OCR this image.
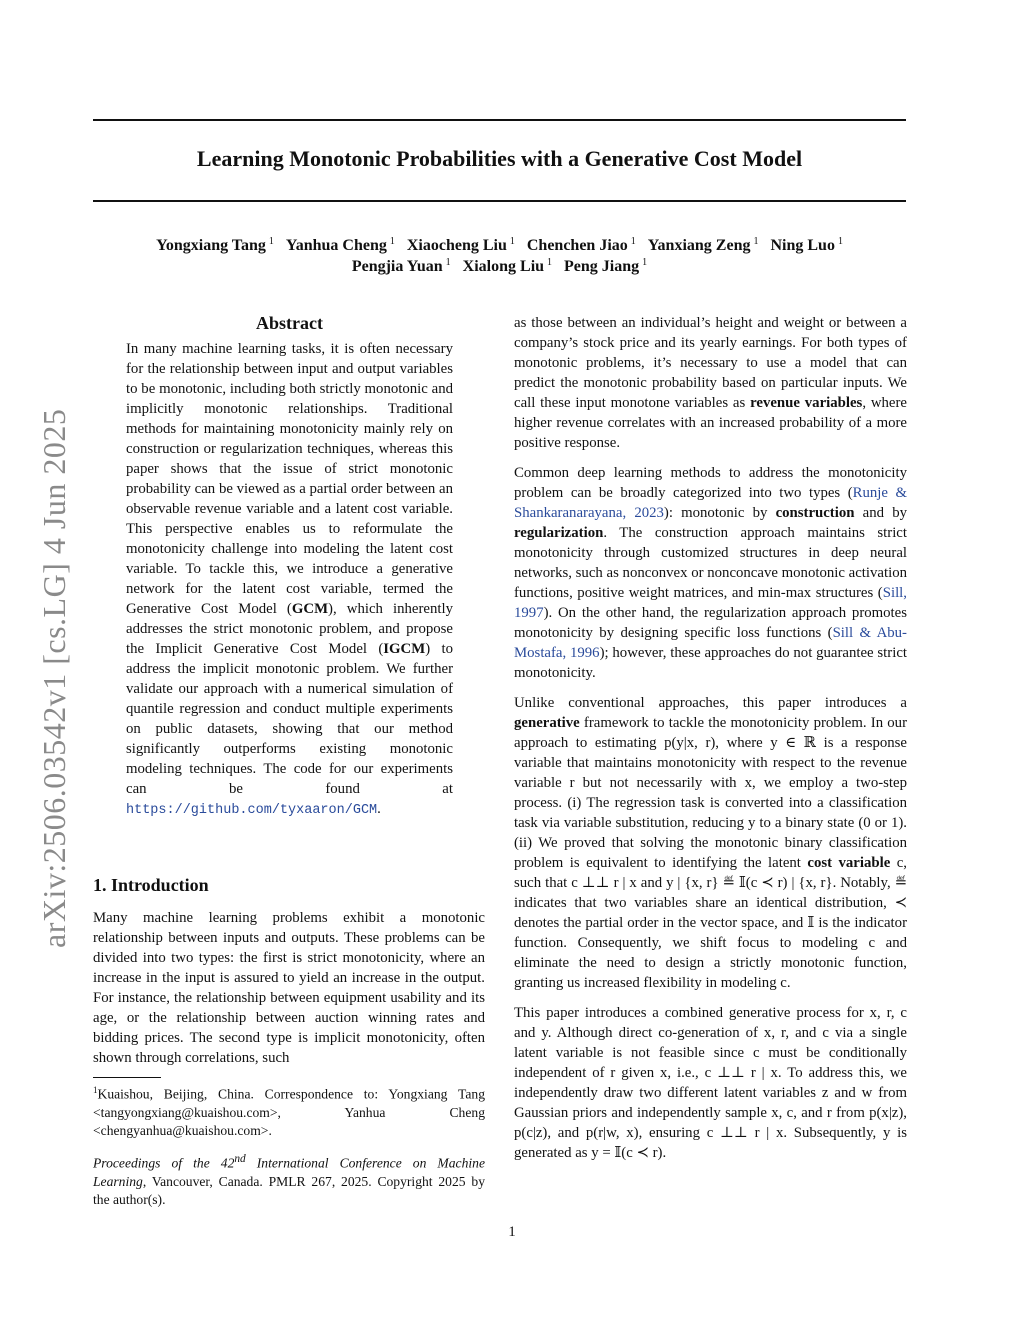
Learning Monotonic Probabilities with a Generative Cost Model
Yongxiang Tang $^1$ Yanhua Cheng $^1$ Xiaocheng Liu $^1$ Chenchen Jiao $^1$ Yanxiang Zeng $^1$ Ning Luo $^1$
Pengjia Yuan $^1$ Xialong Liu $^1$ Peng Jiang $^1$
arXiv:2506.03542v1 [cs.LG] 4 Jun 2025
Abstract

In many machine learning tasks, it is often necessary for the relationship between input and output variables to be monotonic, including both strictly monotonic and implicitly monotonic relationships. Traditional methods for maintaining monotonicity mainly rely on construction or regularization techniques, whereas this paper shows that the issue of strict monotonic probability can be viewed as a partial order between an observable revenue variable and a latent cost variable. This perspective enables us to reformulate the monotonicity challenge into modeling the latent cost variable. To tackle this, we introduce a generative network for the latent cost variable, termed the Generative Cost Model (GCM), which inherently addresses the strict monotonic problem, and propose the Implicit Generative Cost Model (IGCM) to address the implicit monotonic problem. We further validate our approach with a numerical simulation of quantile regression and conduct multiple experiments on public datasets, showing that our method significantly outperforms existing monotonic modeling techniques. The code for our experiments can be found at https://github.com/tyxaaron/GCM.

1. Introduction

Many machine learning problems exhibit a monotonic relationship between inputs and outputs. These problems can be divided into two types: the first is strict monotonicity, where an increase in the input is assured to yield an increase in the output. For instance, the relationship between equipment usability and its age, or the relationship between auction winning rates and bidding prices. The second type is implicit monotonicity, often shown through correlations, such

$^1$Kuaishou, Beijing, China. Correspondence to: Yongxiang Tang <tangyongxiang@kuaishou.com>, Yanhua Cheng <chengyanhua@kuaishou.com>.

Proceedings of the 42nd International Conference on Machine Learning, Vancouver, Canada. PMLR 267, 2025. Copyright 2025 by the author(s).

as those between an individual’s height and weight or between a company’s stock price and its yearly earnings. For both types of monotonic problems, it’s necessary to use a model that can predict the monotonic probability based on particular inputs. We call these input monotone variables as revenue variables, where higher revenue correlates with an increased probability of a more positive response.

Common deep learning methods to address the monotonicity problem can be broadly categorized into two types (Runje & Shankaranarayana, 2023): monotonic by construction and by regularization. The construction approach maintains strict monotonicity through customized structures in deep neural networks, such as nonconvex or nonconcave monotonic activation functions, positive weight matrices, and min-max structures (Sill, 1997). On the other hand, the regularization approach promotes monotonicity by designing specific loss functions (Sill & Abu-Mostafa, 1996); however, these approaches do not guarantee strict monotonicity.

Unlike conventional approaches, this paper introduces a generative framework to tackle the monotonicity problem. In our approach to estimating p(y|x, r), where y ∈ ℝ is a response variable that maintains monotonicity with respect to the revenue variable r but not necessarily with x, we employ a two-step process. (i) The regression task is converted into a classification task via variable substitution, reducing y to a binary state (0 or 1). (ii) We proved that solving the monotonic binary classification problem is equivalent to identifying the latent cost variable c, such that c ⊥⊥ r | x and y | {x, r} ≝ 𝕀(c ≺ r) | {x, r}. Notably, ≝ indicates that two variables share an identical distribution, ≺ denotes the partial order in the vector space, and 𝕀 is the indicator function. Consequently, we shift focus to modeling c and eliminate the need to design a strictly monotonic function, granting us increased flexibility in modeling c.

This paper introduces a combined generative process for x, r, c and y. Although direct co-generation of x, r, and c via a single latent variable is not feasible since c must be conditionally independent of r given x, i.e., c ⊥⊥ r | x. To address this, we independently draw two different latent variables z and w from Gaussian priors and independently sample x, c, and r from p(x|z), p(c|z), and p(r|w, x), ensuring c ⊥⊥ r | x. Subsequently, y is generated as y = 𝕀(c ≺ r).

1
